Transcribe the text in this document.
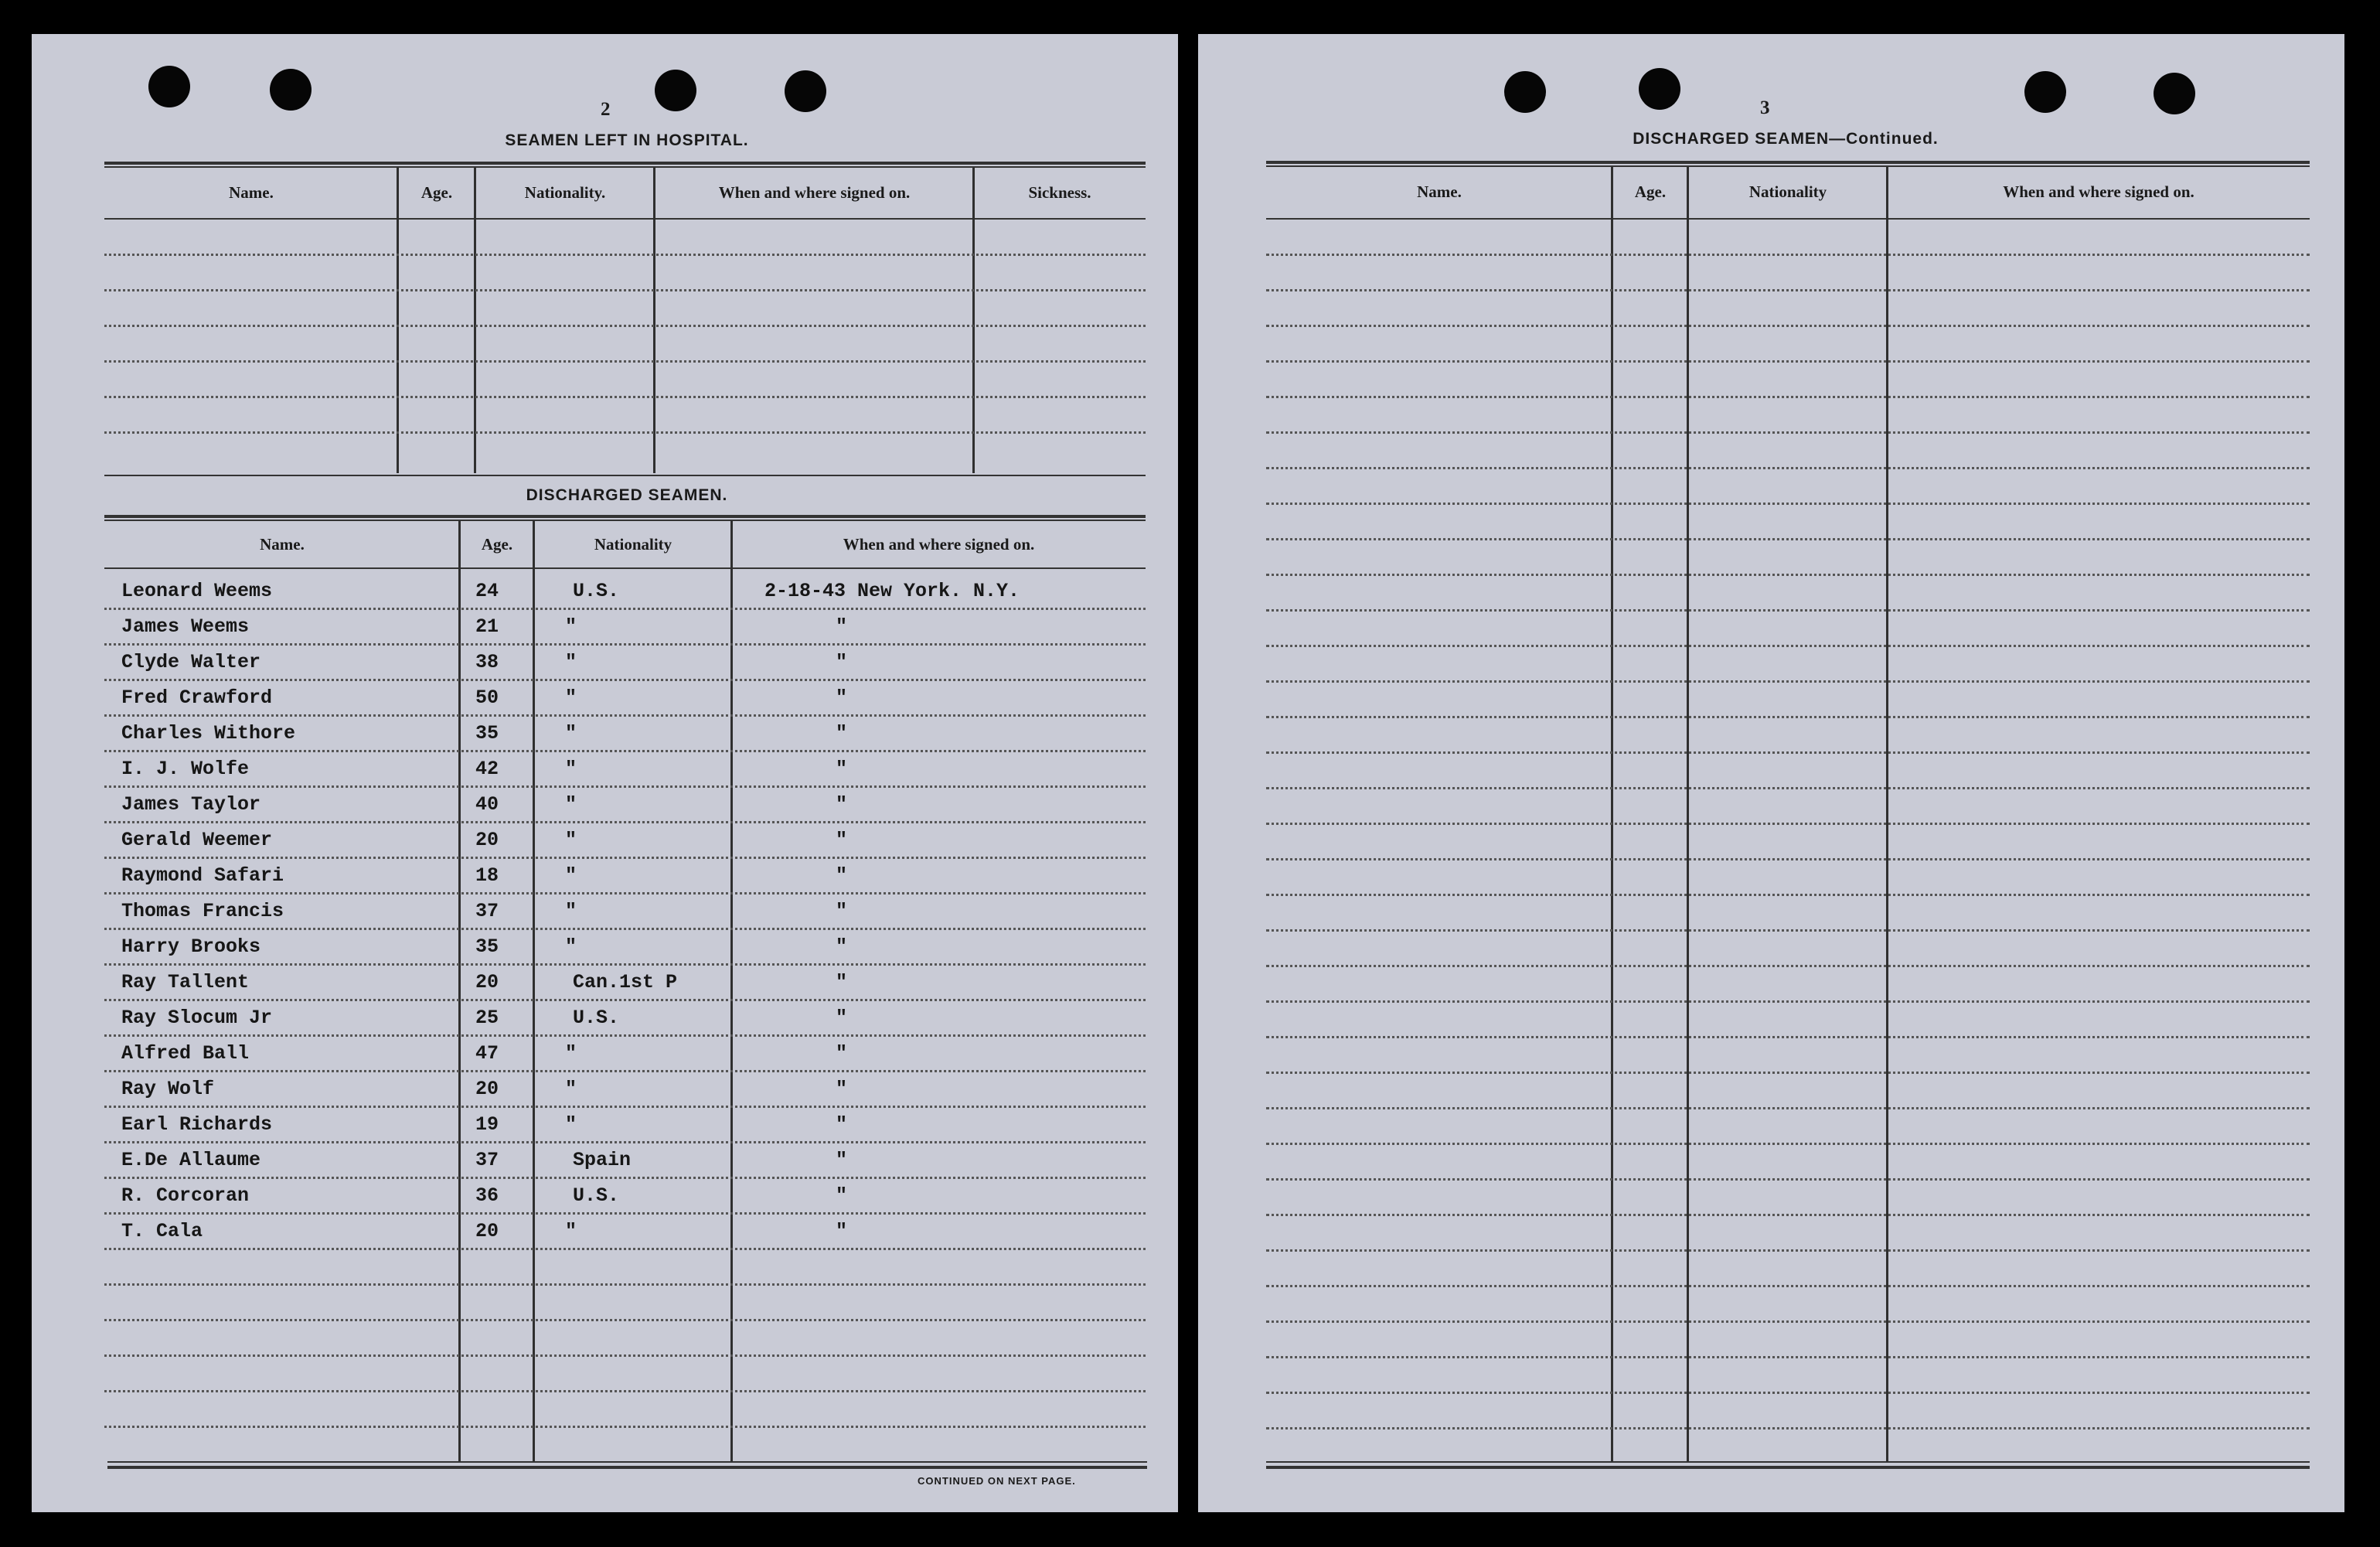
2
SEAMEN LEFT IN HOSPITAL.
Name.	Age.	Nationality.	When and where signed on.	Sickness.
DISCHARGED SEAMEN.
Name.	Age.	Nationality	When and where signed on.
Leonard Weems	24	U.S.	2-18-43 New York. N.Y.
James Weems	21	"	"
Clyde Walter	38	"	"
Fred Crawford	50	"	"
Charles Withore	35	"	"
I. J. Wolfe	42	"	"
James Taylor	40	"	"
Gerald Weemer	20	"	"
Raymond Safari	18	"	"
Thomas Francis	37	"	"
Harry Brooks	35	"	"
Ray Tallent	20	Can.1st P	"
Ray Slocum Jr	25	U.S.	"
Alfred Ball	47	"	"
Ray Wolf	20	"	"
Earl Richards	19	"	"
E.De Allaume	37	Spain	"
R. Corcoran	36	U.S.	"
T. Cala	20	"	"
CONTINUED ON NEXT PAGE.
3
DISCHARGED SEAMEN—Continued.
Name.	Age.	Nationality	When and where signed on.
